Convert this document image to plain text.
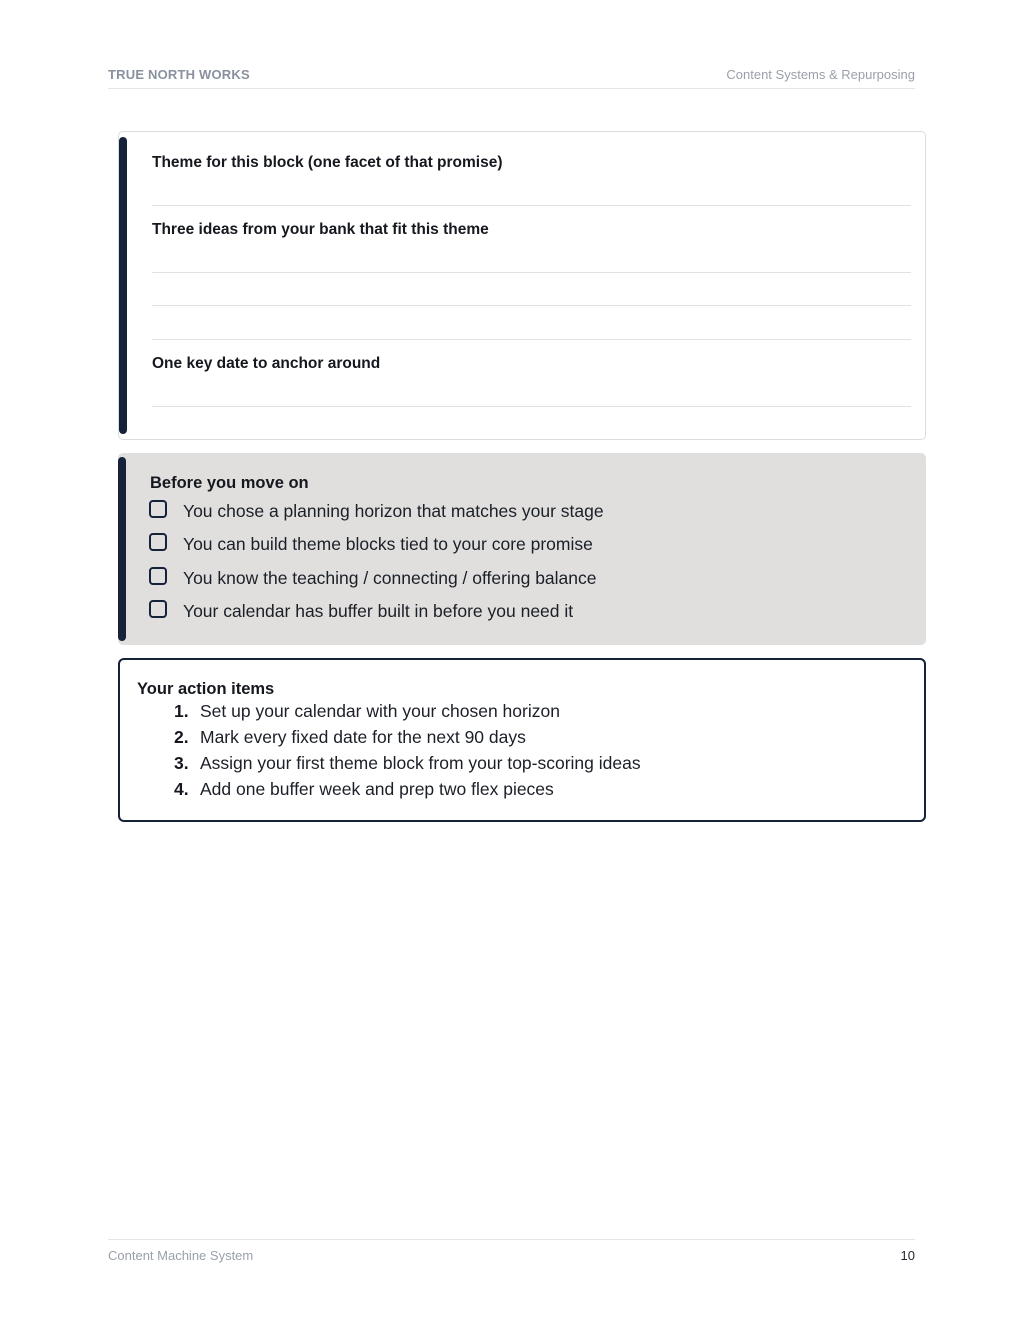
TRUE NORTH WORKS	Content Systems & Repurposing
Theme for this block (one facet of that promise)
Three ideas from your bank that fit this theme
One key date to anchor around
Before you move on
You chose a planning horizon that matches your stage
You can build theme blocks tied to your core promise
You know the teaching / connecting / offering balance
Your calendar has buffer built in before you need it
Your action items
1. Set up your calendar with your chosen horizon
2. Mark every fixed date for the next 90 days
3. Assign your first theme block from your top-scoring ideas
4. Add one buffer week and prep two flex pieces
Content Machine System	10
